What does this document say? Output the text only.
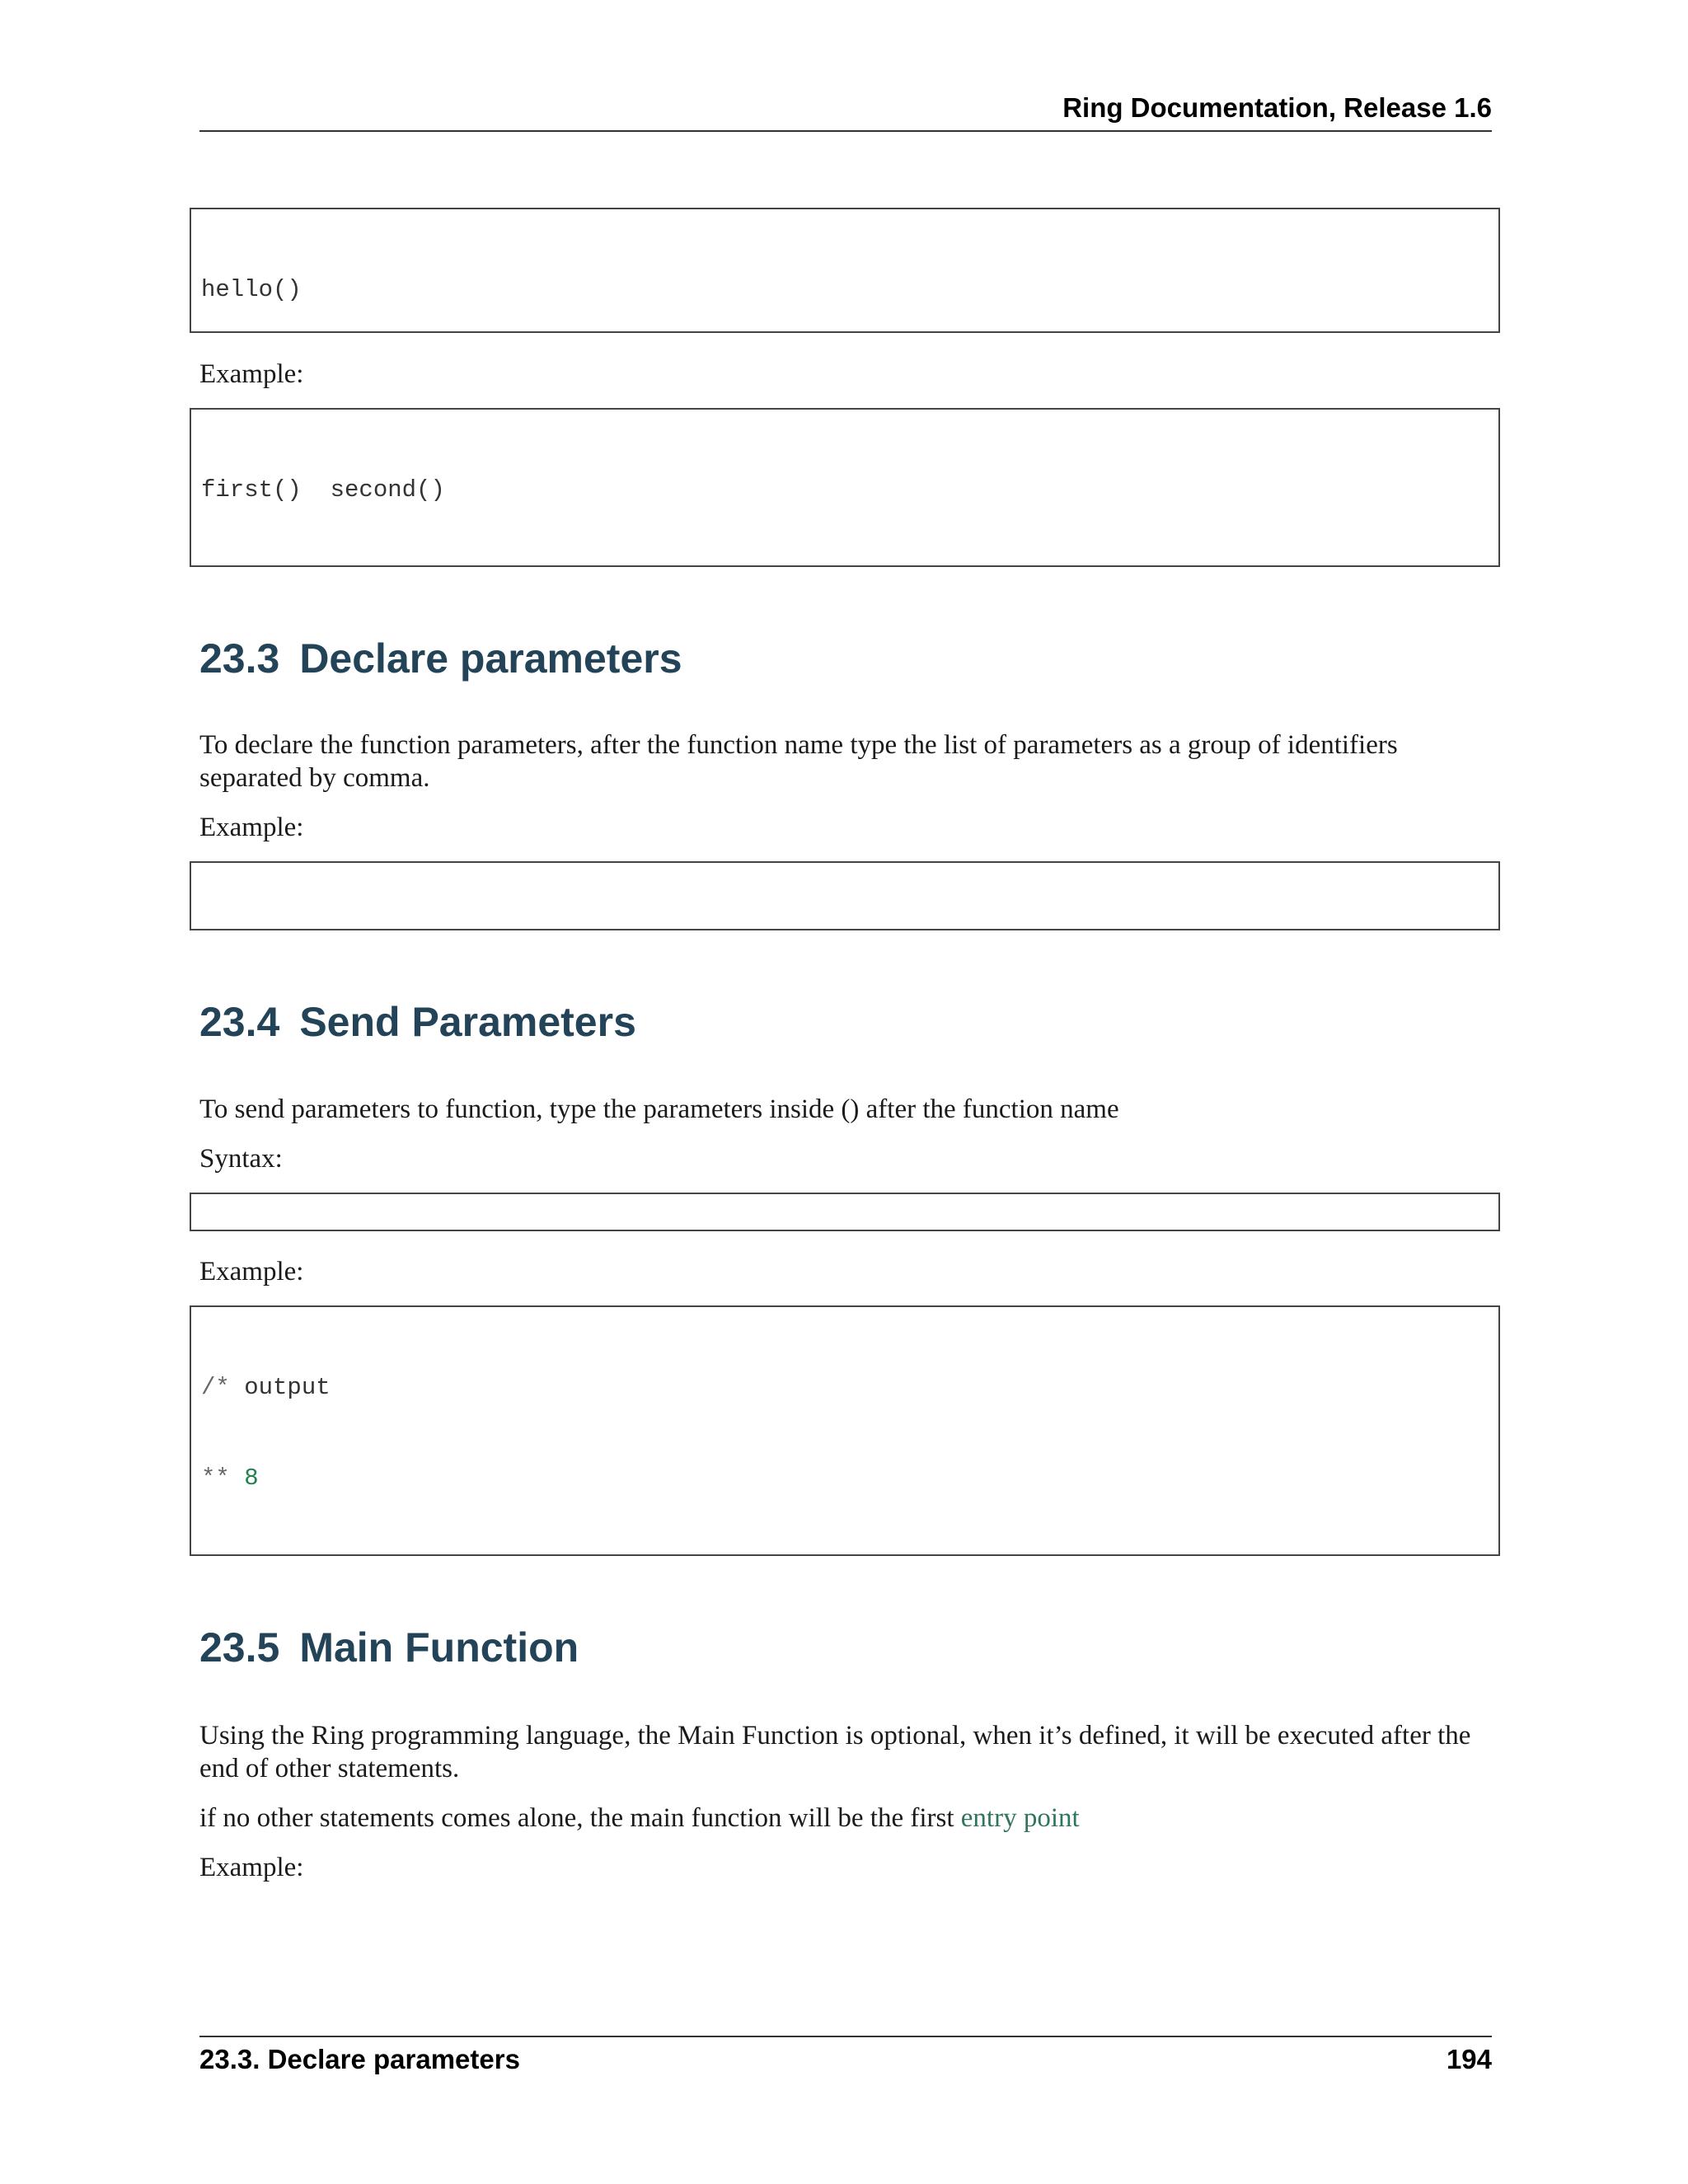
Ring Documentation, Release 1.6

hello()

Example:

first()  second()

23.3 Declare parameters
To declare the function parameters, after the function name type the list of parameters as a group of identifiers separated by comma.
Example:

23.4 Send Parameters
To send parameters to function, type the parameters inside () after the function name
Syntax:

Example:

/* output

** 8

23.5 Main Function
Using the Ring programming language, the Main Function is optional, when it’s defined, it will be executed after the end of other statements.
if no other statements comes alone, the main function will be the first entry point
Example:
23.3. Declare parameters	194
